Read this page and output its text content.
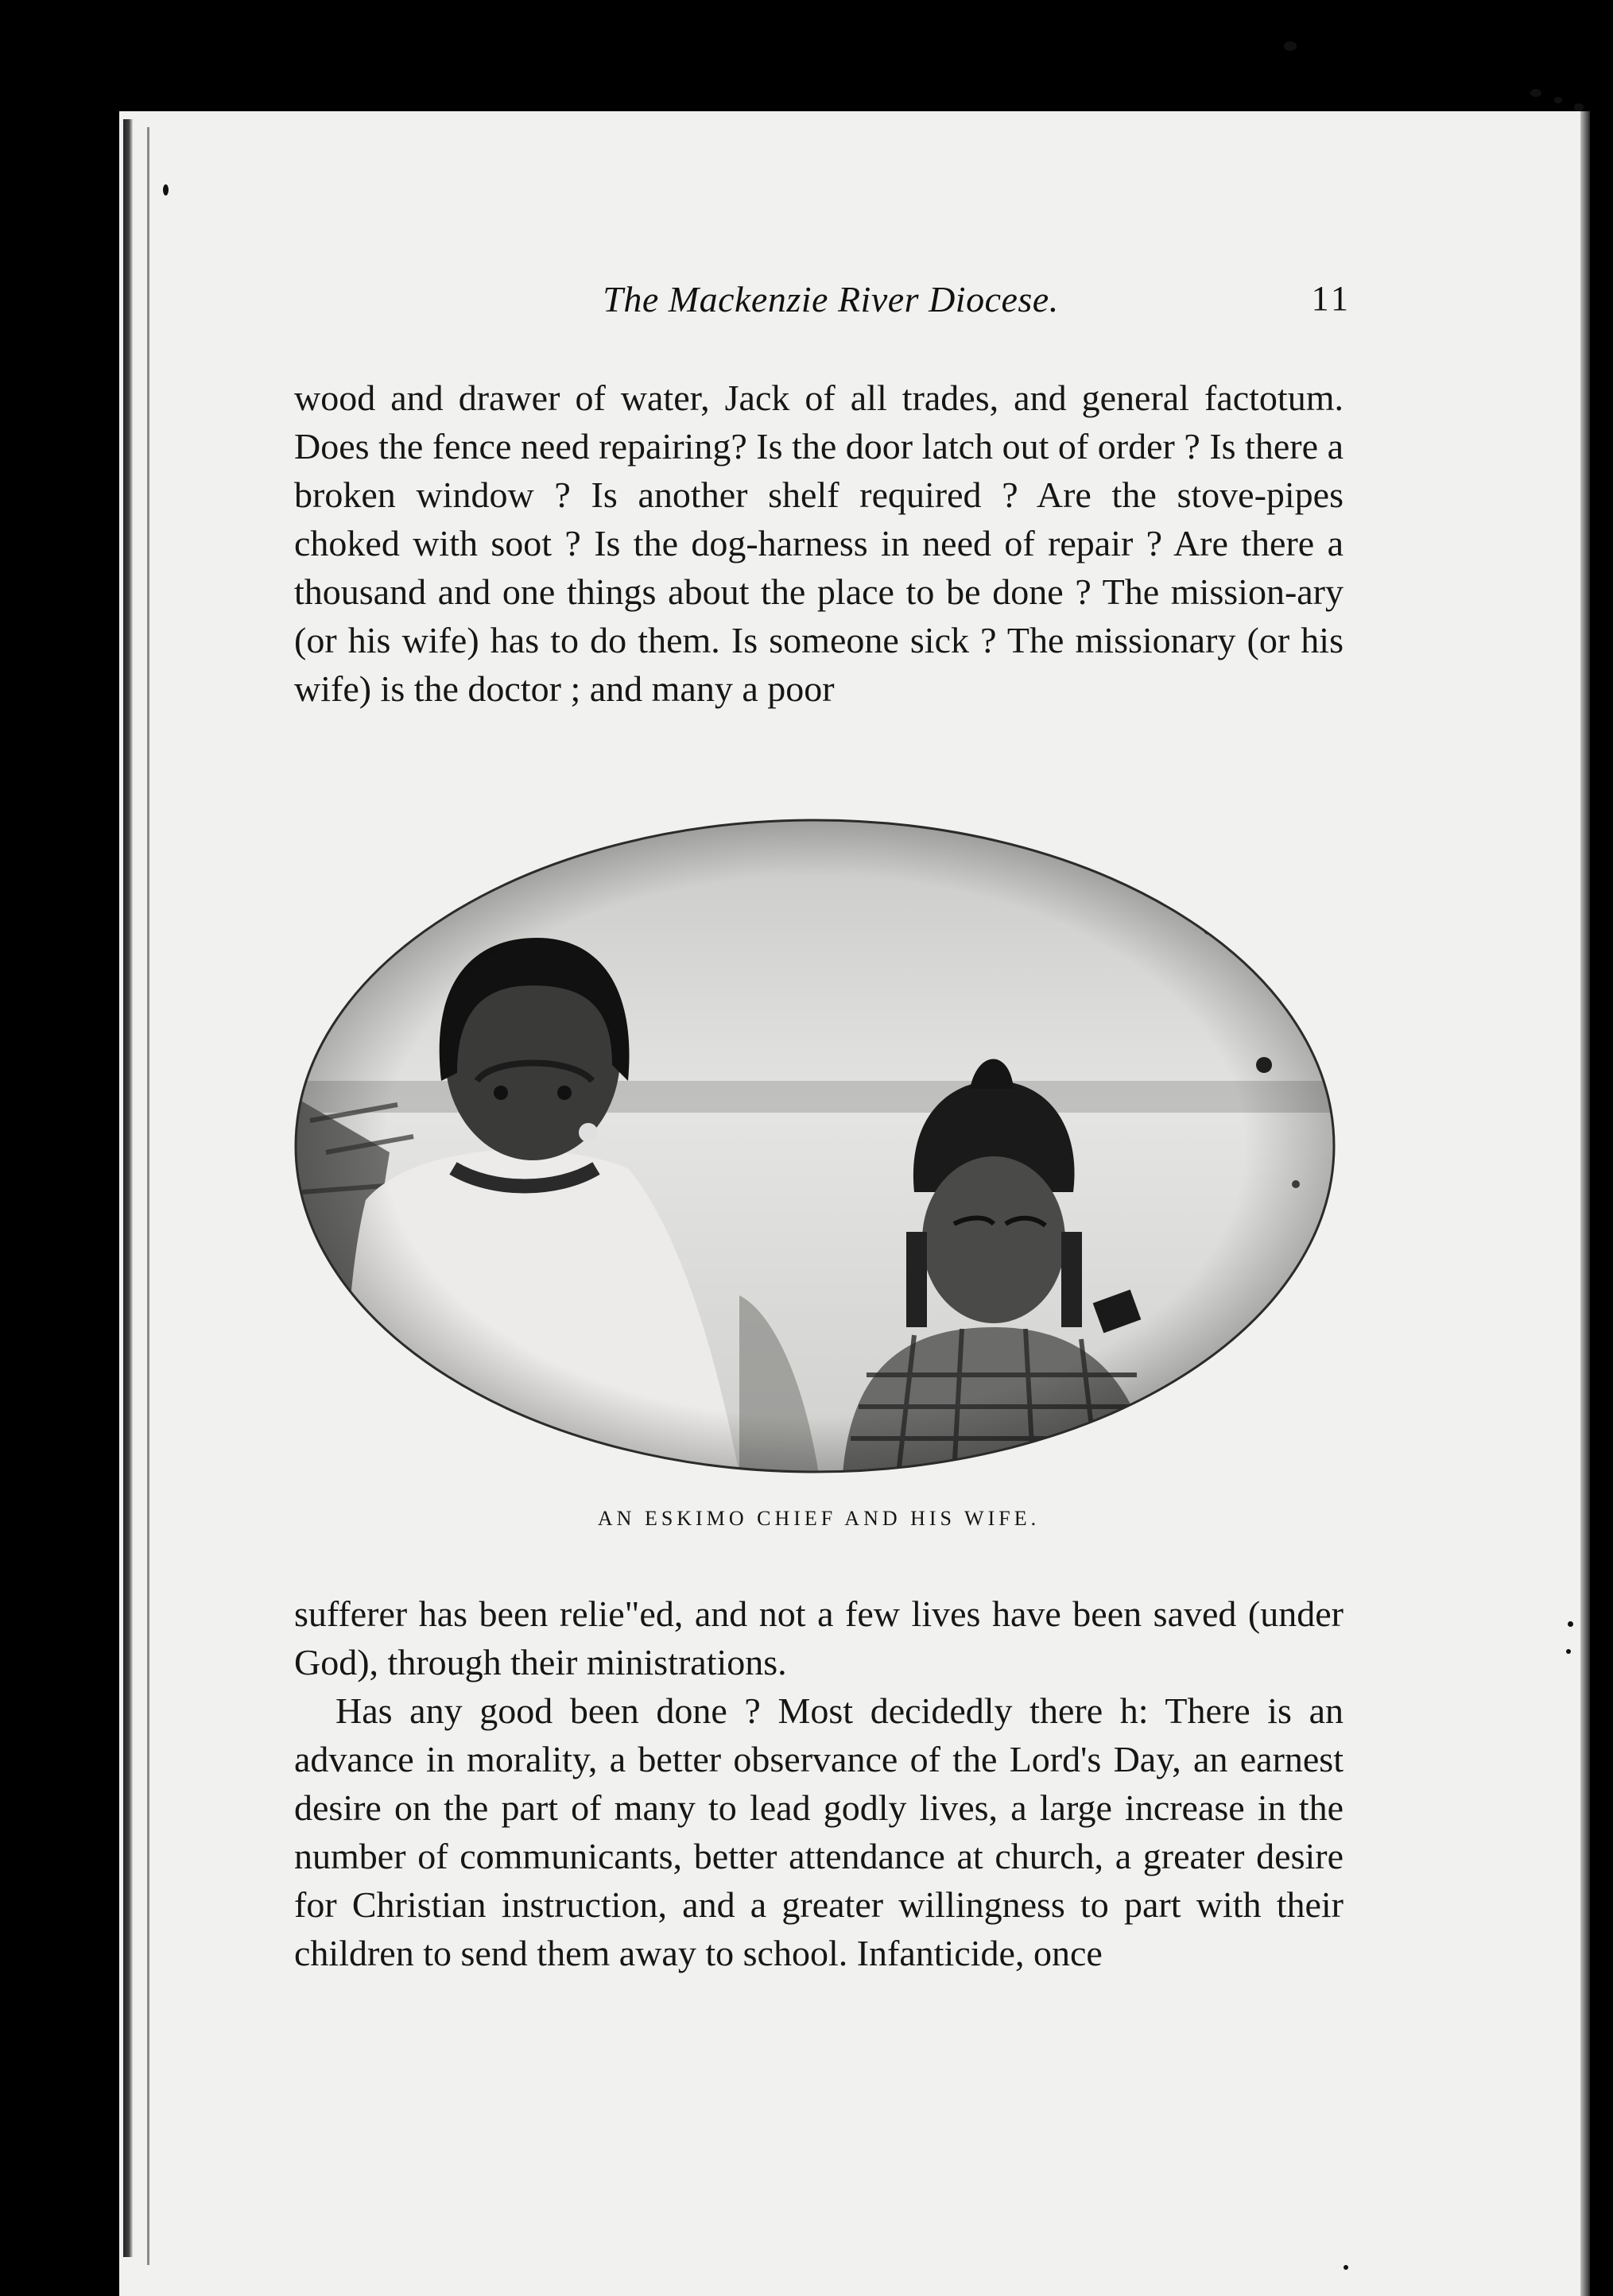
The Mackenzie River Diocese.	11

wood and drawer of water, Jack of all trades, and general factotum. Does the fence need repairing? Is the door latch out of order ? Is there a broken window ? Is another shelf required ? Are the stove-pipes choked with soot ? Is the dog-harness in need of repair ? Are there a thousand and one things about the place to be done ? The mission-ary (or his wife) has to do them. Is someone sick ? The missionary (or his wife) is the doctor ; and many a poor

AN ESKIMO CHIEF AND HIS WIFE.

sufferer has been relie"ed, and not a few lives have been saved (under God), through their ministrations.

Has any good been done ? Most decidedly there h: There is an advance in morality, a better observance of the Lord's Day, an earnest desire on the part of many to lead godly lives, a large increase in the number of communicants, better attendance at church, a greater desire for Christian instruction, and a greater willingness to part with their children to send them away to school. Infanticide, once
